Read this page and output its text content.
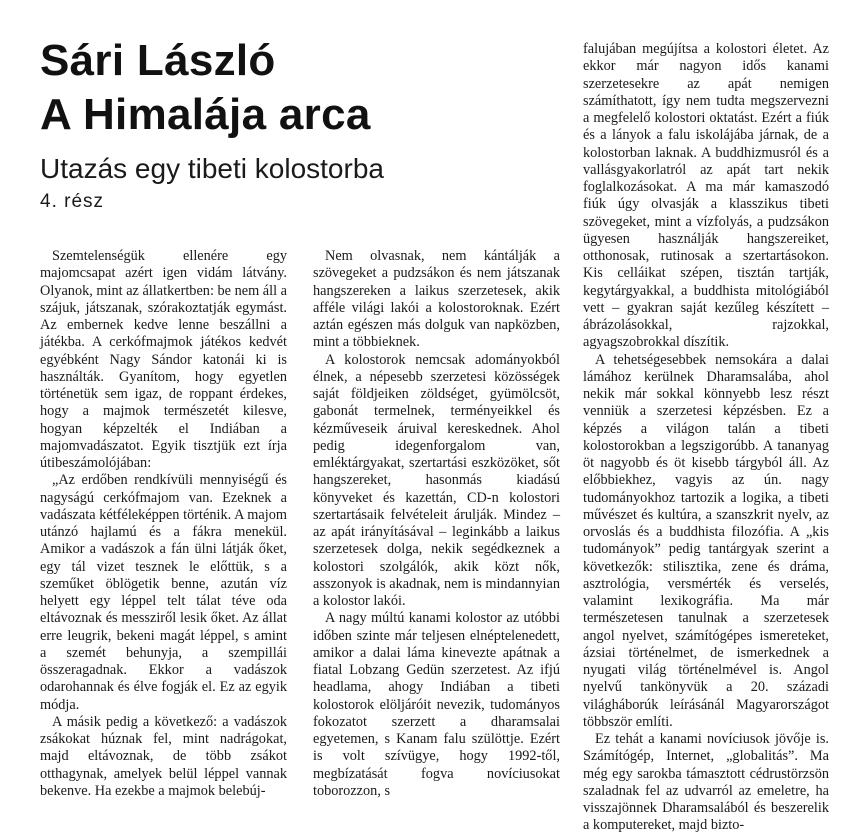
Sári László
A Himalája arca
Utazás egy tibeti kolostorba
4. rész

Szemtelenségük ellenére egy majomcsapat azért igen vidám látvány. Olyanok, mint az állatkertben: be nem áll a szájuk, játszanak, szórakoztatják egymást. Az embernek kedve lenne beszállni a játékba. A cerkófmajmok játékos kedvét egyébként Nagy Sándor katonái ki is használták. Gyanítom, hogy egyetlen történetük sem igaz, de roppant érdekes, hogy a majmok természetét kilesve, hogyan képzelték el Indiában a majomvadászatot. Egyik tisztjük ezt írja útibeszámolójában:

„Az erdőben rendkívüli mennyiségű és nagyságú cerkófmajom van. Ezeknek a vadászata kétféleképpen történik. A majom utánzó hajlamú és a fákra menekül. Amikor a vadászok a fán ülni látják őket, egy tál vizet tesznek le előttük, s a szeműket öblögetik benne, azután víz helyett egy léppel telt tálat téve oda eltávoznak és messziről lesik őket. Az állat erre leugrik, bekeni magát léppel, s amint a szemét behunyja, a szempillái összeragadnak. Ekkor a vadászok odarohannak és élve fogják el. Ez az egyik módja.

A másik pedig a következő: a vadászok zsákokat húznak fel, mint nadrágokat, majd eltávoznak, de több zsákot otthagynak, amelyek belül léppel vannak bekenve. Ha ezekbe a majmok belebúj-

Nem olvasnak, nem kántálják a szövegeket a pudzsákon és nem játszanak hangszereken a laikus szerzetesek, akik afféle világi lakói a kolostoroknak. Ezért aztán egészen más dolguk van napközben, mint a többieknek.

A kolostorok nemcsak adományokból élnek, a népesebb szerzetesi közösségek saját földjeiken zöldséget, gyümölcsöt, gabonát termelnek, terményeikkel és kézműveseik áruival kereskednek. Ahol pedig idegenforgalom van, emléktárgyakat, szertartási eszközöket, sőt hangszereket, hasonmás kiadású könyveket és kazettán, CD-n kolostori szertartásaik felvételeit árulják. Mindez – az apát irányításával – leginkább a laikus szerzetesek dolga, nekik segédkeznek a kolostori szolgálók, akik közt nők, asszonyok is akadnak, nem is mindannyian a kolostor lakói.

A nagy múltú kanami kolostor az utóbbi időben szinte már teljesen elnéptelenedett, amikor a dalai láma kinevezte apátnak a fiatal Lobzang Gedün szerzetest. Az ifjú headlama, ahogy Indiában a tibeti kolostorok elöljáróit nevezik, tudományos fokozatot szerzett a dharamsalai egyetemen, s Kanam falu szülöttje. Ezért is volt szívügye, hogy 1992-től, megbízatását fogva novíciusokat toborozzon, s

falujában megújítsa a kolostori életet. Az ekkor már nagyon idős kanami szerzetesekre az apát nemigen számíthatott, így nem tudta megszervezni a megfelelő kolostori oktatást. Ezért a fiúk és a lányok a falu iskolájába járnak, de a kolostorban laknak. A buddhizmusról és a vallásgyakorlatról az apát tart nekik foglalkozásokat. A ma már kamaszodó fiúk úgy olvasják a klasszikus tibeti szövegeket, mint a vízfolyás, a pudzsákon ügyesen használják hangszereiket, otthonosak, rutinosak a szertartásokon. Kis celláikat szépen, tisztán tartják, kegytárgyakkal, a buddhista mitológiából vett – gyakran saját kezűleg készített – ábrázolásokkal, rajzokkal, agyagszobrokkal díszítik.

A tehetségesebbek nemsokára a dalai lámához kerülnek Dharamsalába, ahol nekik már sokkal könnyebb lesz részt venniük a szerzetesi képzésben. Ez a képzés a világon talán a tibeti kolostorokban a legszigorúbb. A tananyag öt nagyobb és öt kisebb tárgyból áll. Az előbbiekhez, vagyis az ún. nagy tudományokhoz tartozik a logika, a tibeti művészet és kultúra, a szanszkrit nyelv, az orvoslás és a buddhista filozófia. A „kis tudományok” pedig tantárgyak szerint a következők: stilisztika, zene és dráma, asztrológia, versmérték és verselés, valamint lexikográfia. Ma már természetesen tanulnak a szerzetesek angol nyelvet, számítógépes ismereteket, ázsiai történelmet, de ismerkednek a nyugati világ történelmével is. Angol nyelvű tankönyvük a 20. századi világháborúk leírásánál Magyarországot többször említi.

Ez tehát a kanami novíciusok jövője is. Számítógép, Internet, „globalitás”. Ma még egy sarokba támasztott cédrustörzsön szaladnak fel az udvarról az emeletre, ha visszajönnek Dharamsalából és beszerelik a komputereket, majd bizto-
